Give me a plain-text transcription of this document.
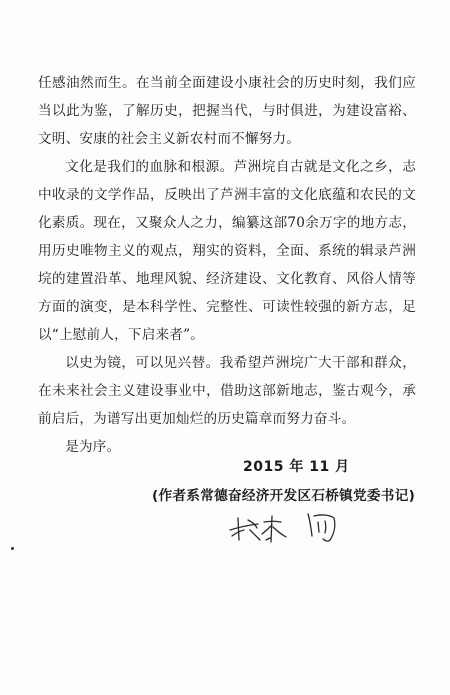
任感油然而生。在当前全面建设小康社会的历史时刻，我们应当以此为鉴，了解历史，把握当代，与时俱进，为建设富裕、文明、安康的社会主义新农村而不懈努力。

文化是我们的血脉和根源。芦洲垸自古就是文化之乡，志中收录的文学作品，反映出了芦洲丰富的文化底蕴和农民的文化素质。现在，又聚众人之力，编纂这部70余万字的地方志，用历史唯物主义的观点，翔实的资料，全面、系统的辑录芦洲垸的建置沿革、地理风貌、经济建设、文化教育、风俗人情等方面的演变，是本科学性、完整性、可读性较强的新方志，足以“上慰前人，下启来者”。

以史为镜，可以见兴替。我希望芦洲垸广大干部和群众，在未来社会主义建设事业中，借助这部新地志，鉴古观今，承前启后，为谱写出更加灿烂的历史篇章而努力奋斗。

是为序。

2015 年 11 月

(作者系常德奋经济开发区石桥镇党委书记)
